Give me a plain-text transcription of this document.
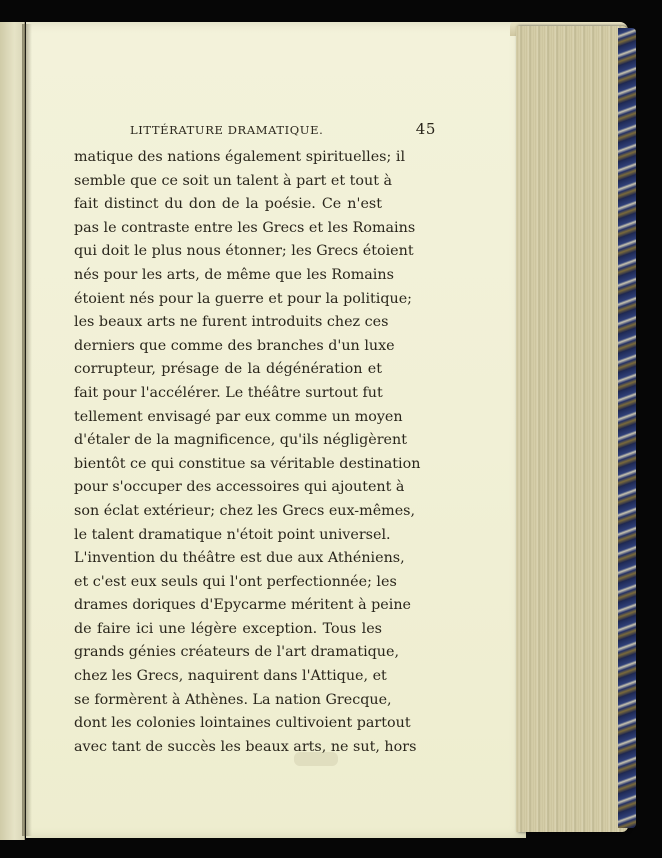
LITTÉRATURE DRAMATIQUE.	45
matique des nations également spirituelles; il
semble que ce soit un talent à part et tout à
fait distinct du don de la poésie. Ce n'est
pas le contraste entre les Grecs et les Romains
qui doit le plus nous étonner; les Grecs étoient
nés pour les arts, de même que les Romains
étoient nés pour la guerre et pour la politique;
les beaux arts ne furent introduits chez ces
derniers que comme des branches d'un luxe
corrupteur, présage de la dégénération et
fait pour l'accélérer. Le théâtre surtout fut
tellement envisagé par eux comme un moyen
d'étaler de la magnificence, qu'ils négligèrent
bientôt ce qui constitue sa véritable destination
pour s'occuper des accessoires qui ajoutent à
son éclat extérieur; chez les Grecs eux-mêmes,
le talent dramatique n'étoit point universel.
L'invention du théâtre est due aux Athéniens,
et c'est eux seuls qui l'ont perfectionnée; les
drames doriques d'Epycarme méritent à peine
de faire ici une légère exception. Tous les
grands génies créateurs de l'art dramatique,
chez les Grecs, naquirent dans l'Attique, et
se formèrent à Athènes. La nation Grecque,
dont les colonies lointaines cultivoient partout
avec tant de succès les beaux arts, ne sut, hors
